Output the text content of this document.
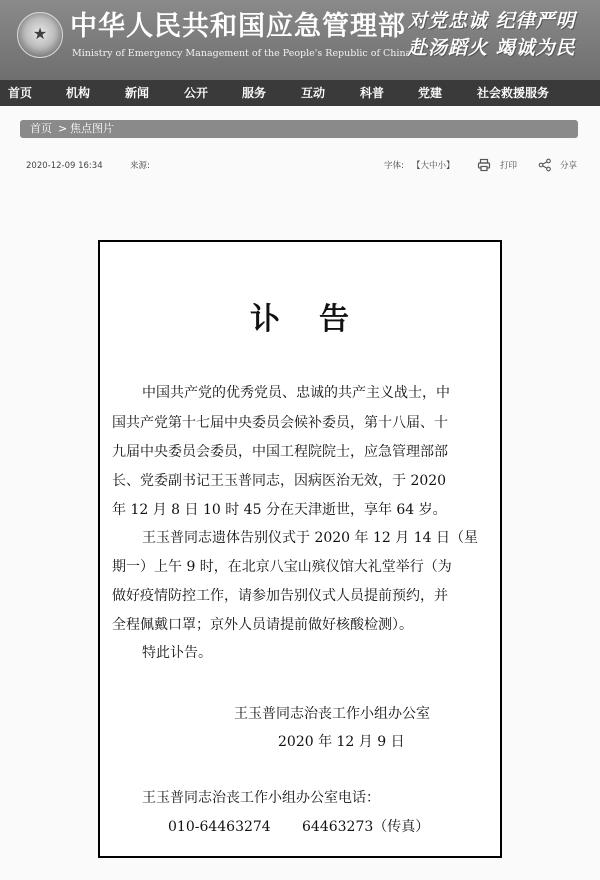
★ 中华人民共和国应急管理部
Ministry of Emergency Management of the People's Republic of China
对党忠诚 纪律严明
赴汤蹈火 竭诚为民
首页	机构	新闻	公开	服务	互动	科普	党建	社会救援服务
首页 > 焦点图片
2020-12-09 16:34	来源:	字体: 【大中小】	打印	分享
讣 告
中国共产党的优秀党员、忠诚的共产主义战士，中
国共产党第十七届中央委员会候补委员，第十八届、十
九届中央委员会委员，中国工程院院士，应急管理部部
长、党委副书记王玉普同志，因病医治无效，于 2020
年 12 月 8 日 10 时 45 分在天津逝世，享年 64 岁。
王玉普同志遗体告别仪式于 2020 年 12 月 14 日（星
期一）上午 9 时，在北京八宝山殡仪馆大礼堂举行（为
做好疫情防控工作，请参加告别仪式人员提前预约，并
全程佩戴口罩；京外人员请提前做好核酸检测）。
特此讣告。
王玉普同志治丧工作小组办公室
2020 年 12 月 9 日
王玉普同志治丧工作小组办公室电话：
010-64463274	64463273（传真）
